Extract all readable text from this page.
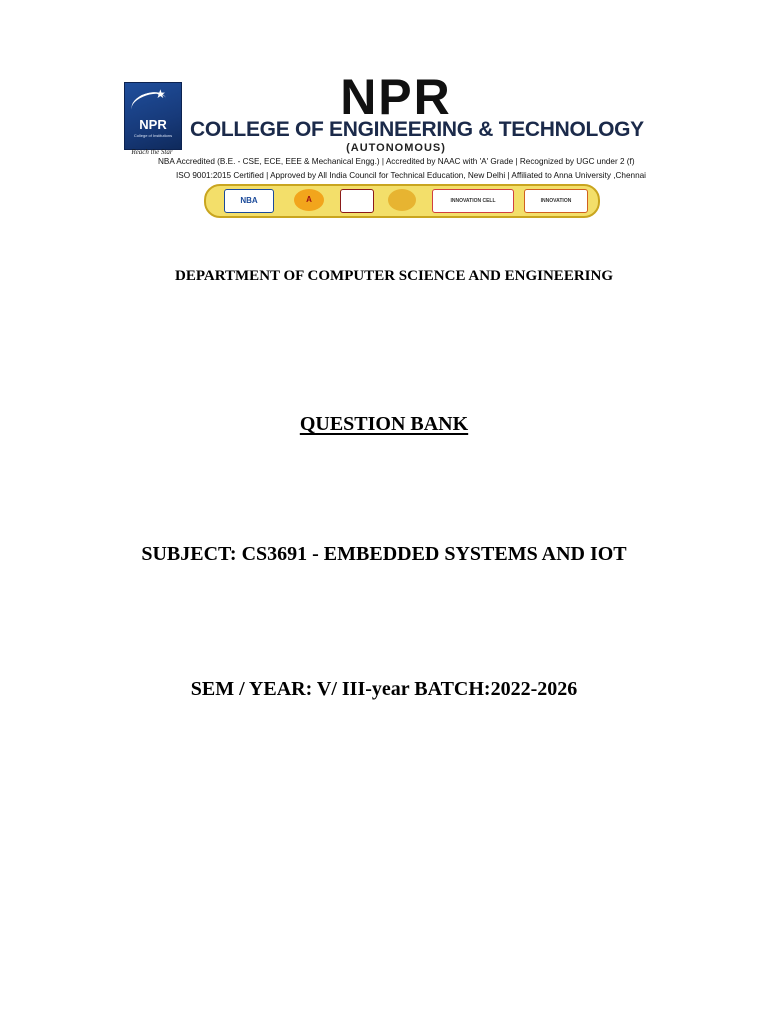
★
NPR
College of Institutions
Reach the Star
NPR
COLLEGE OF ENGINEERING & TECHNOLOGY
(AUTONOMOUS)
NBA Accredited (B.E. - CSE, ECE, EEE & Mechanical Engg.) | Accredited by NAAC with 'A' Grade | Recognized by UGC under 2 (f)
ISO 9001:2015 Certified | Approved by All India Council for Technical Education, New Delhi | Affiliated to Anna University ,Chennai
NBA	A	INNOVATION CELL	INNOVATION
DEPARTMENT OF COMPUTER SCIENCE AND ENGINEERING
QUESTION BANK
SUBJECT: CS3691 - EMBEDDED SYSTEMS AND IOT
SEM / YEAR: V/ III-year BATCH:2022-2026
